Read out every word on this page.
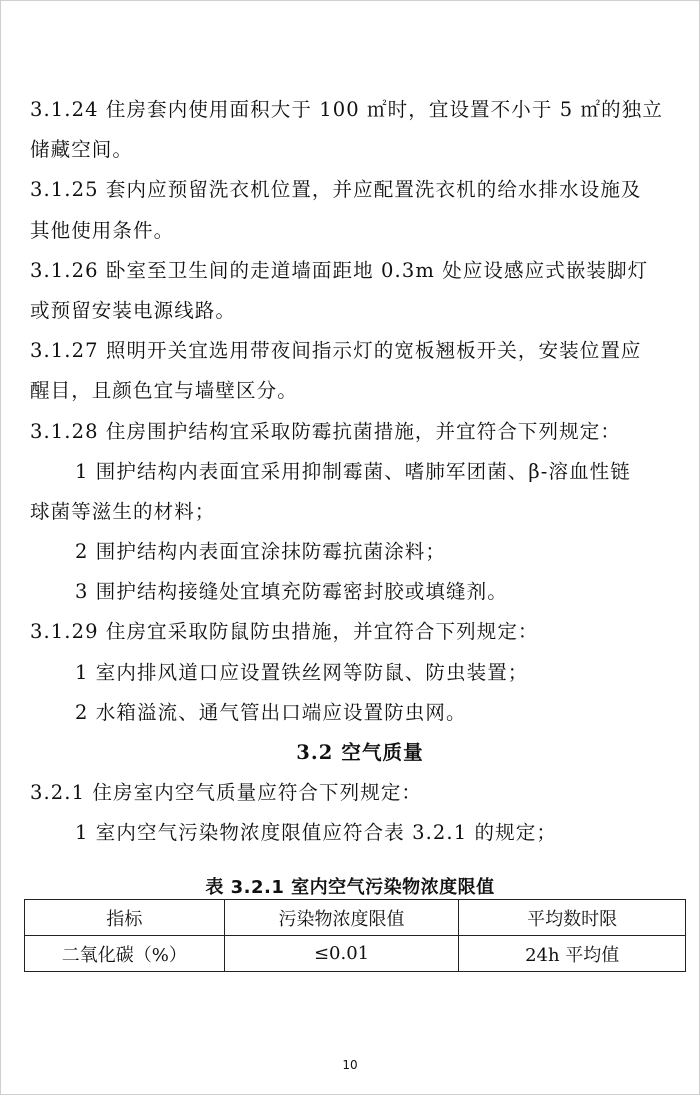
3.1.24 住房套内使用面积大于 100 ㎡时，宜设置不小于 5 ㎡的独立
储藏空间。
3.1.25 套内应预留洗衣机位置，并应配置洗衣机的给水排水设施及
其他使用条件。
3.1.26 卧室至卫生间的走道墙面距地 0.3m 处应设感应式嵌装脚灯
或预留安装电源线路。
3.1.27 照明开关宜选用带夜间指示灯的宽板翘板开关，安装位置应
醒目，且颜色宜与墙壁区分。
3.1.28 住房围护结构宜采取防霉抗菌措施，并宜符合下列规定：
1 围护结构内表面宜采用抑制霉菌、嗜肺军团菌、β-溶血性链
球菌等滋生的材料；
2 围护结构内表面宜涂抹防霉抗菌涂料；
3 围护结构接缝处宜填充防霉密封胶或填缝剂。
3.1.29 住房宜采取防鼠防虫措施，并宜符合下列规定：
1 室内排风道口应设置铁丝网等防鼠、防虫装置；
2 水箱溢流、通气管出口端应设置防虫网。
3.2 空气质量
3.2.1 住房室内空气质量应符合下列规定：
1 室内空气污染物浓度限值应符合表 3.2.1 的规定；
表 3.2.1 室内空气污染物浓度限值
指标	污染物浓度限值	平均数时限
二氧化碳（%）	≤0.01	24h 平均值
10
